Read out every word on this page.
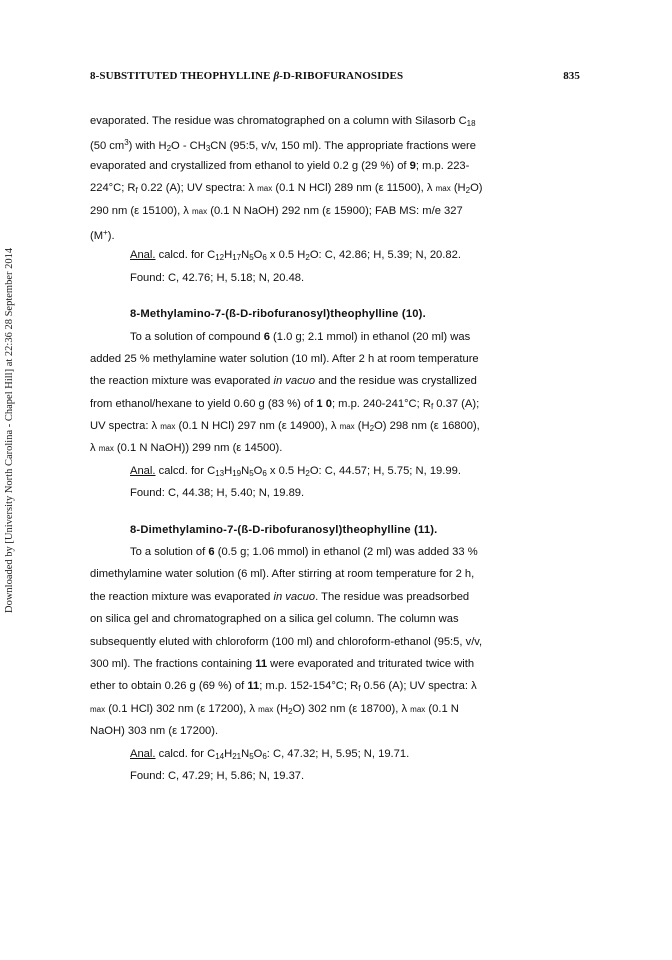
Downloaded by [University North Carolina - Chapel Hill] at 22:36 28 September 2014
8-SUBSTITUTED THEOPHYLLINE β-D-RIBOFURANOSIDES	835
evaporated. The residue was chromatographed on a column with Silasorb $C_{18}$
(50 $cm^3$) with $H_2O - CH_3CN$ (95:5, v/v, 150 ml). The appropriate fractions were
evaporated and crystallized from ethanol to yield 0.2 g (29 %) of 9; m.p. 223-
224°C; $R_f$ 0.22 (A); UV spectra: λ max (0.1 N HCl) 289 nm (ε 11500), λ $\max (H_2O)$
290 nm (ε 15100), λ max (0.1 N NaOH) 292 nm (ε 15900); FAB MS: m/e 327
(M+).
Anal. calcd. for $C_{12}H_{17}N_5O_6$ x 0.5 $H_2O$: C, 42.86; H, 5.39; N, 20.82.
Found: C, 42.76; H, 5.18; N, 20.48.
8-Methylamino-7-(ß-D-ribofuranosyl)theophylline (10).
To a solution of compound 6 (1.0 g; 2.1 mmol) in ethanol (20 ml) was
added 25 % methylamine water solution (10 ml). After 2 h at room temperature
the reaction mixture was evaporated in vacuo and the residue was crystallized
from ethanol/hexane to yield 0.60 g (83 %) of 1 0; m.p. 240-241°C; $R_f$ 0.37 (A);
UV spectra: λ max (0.1 N HCl) 297 nm (ε 14900), λ $\max (H_2O)$ 298 nm (ε 16800),
λ max (0.1 N NaOH)) 299 nm (ε 14500).
Anal. calcd. for $C_{13}H_{19}N_5O_6$ x 0.5 $H_2O$: C, 44.57; H, 5.75; N, 19.99.
Found: C, 44.38; H, 5.40; N, 19.89.
8-Dimethylamino-7-(ß-D-ribofuranosyl)theophylline (11).
To a solution of 6 (0.5 g; 1.06 mmol) in ethanol (2 ml) was added 33 %
dimethylamine water solution (6 ml). After stirring at room temperature for 2 h,
the reaction mixture was evaporated in vacuo. The residue was preadsorbed
on silica gel and chromatographed on a silica gel column. The column was
subsequently eluted with chloroform (100 ml) and chloroform-ethanol (95:5, v/v,
300 ml). The fractions containing 11 were evaporated and triturated twice with
ether to obtain 0.26 g (69 %) of 11; m.p. 152-154°C; $R_f$ 0.56 (A); UV spectra: λ
max (0.1 HCl) 302 nm (ε 17200), λ $\max (H_2O)$ 302 nm (ε 18700), λ max (0.1 N
NaOH) 303 nm (ε 17200).
Anal. calcd. for $C_{14}H_{21}N_5O_6$: C, 47.32; H, 5.95; N, 19.71.
Found: C, 47.29; H, 5.86; N, 19.37.
